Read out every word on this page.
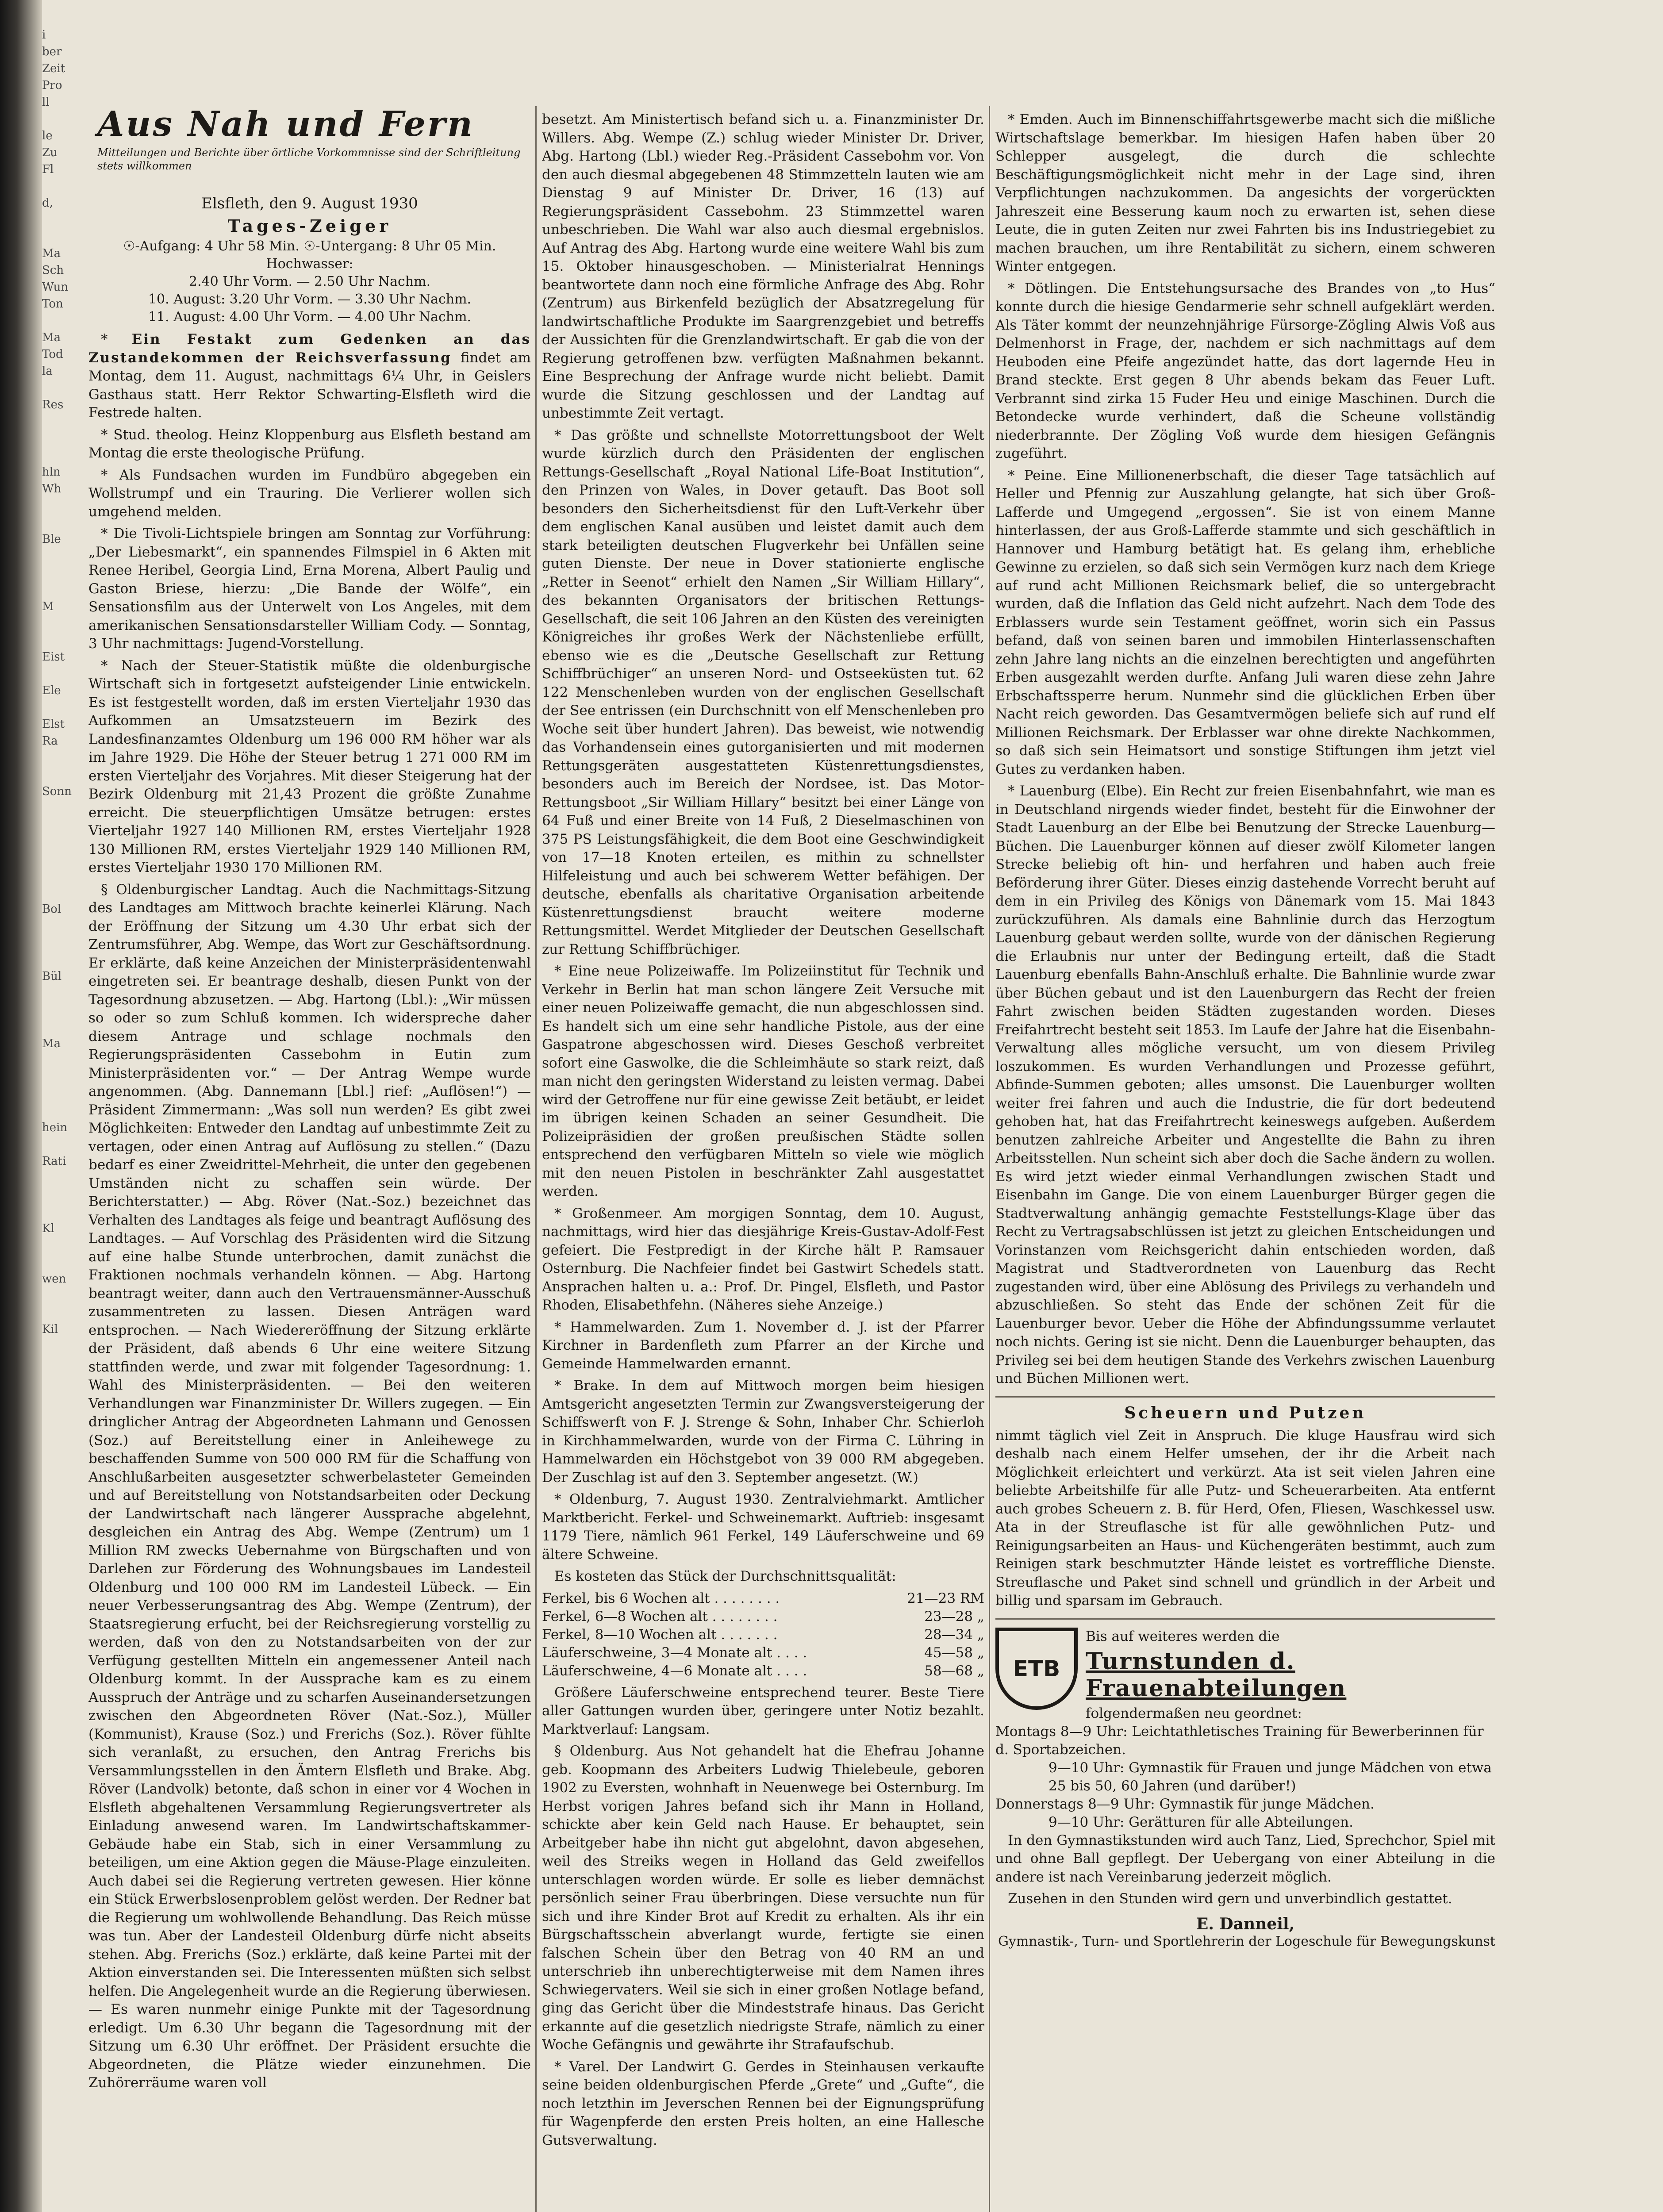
i
ber
Zeit
Pro
ll

le
Zu
Fl

d,

Ma
Sch
Wun
Ton

Ma
Tod
la

Res

hln
Wh

Ble

M

Eist

Ele

Elst
Ra

Sonn

Bol

Bül

Ma

hein

Rati

Kl

wen

Kil
Aus Nah und Fern
Mitteilungen und Berichte über örtliche Vorkommnisse sind der Schriftleitung stets willkommen
Elsfleth, den 9. August 1930
Tages-Zeiger
☉-Aufgang: 4 Uhr 58 Min. ☉-Untergang: 8 Uhr 05 Min.
Hochwasser:
2.40 Uhr Vorm. — 2.50 Uhr Nachm.
10. August: 3.20 Uhr Vorm. — 3.30 Uhr Nachm.
11. August: 4.00 Uhr Vorm. — 4.00 Uhr Nachm.

* Ein Festakt zum Gedenken an das Zustandekommen der Reichsverfassung findet am Montag, dem 11. August, nachmittags 6¼ Uhr, in Geislers Gasthaus statt. Herr Rektor Schwarting-Elsfleth wird die Festrede halten.

* Stud. theolog. Heinz Kloppenburg aus Elsfleth bestand am Montag die erste theologische Prüfung.

* Als Fundsachen wurden im Fundbüro abgegeben ein Wollstrumpf und ein Trauring. Die Verlierer wollen sich umgehend melden.

* Die Tivoli-Lichtspiele bringen am Sonntag zur Vorführung: „Der Liebesmarkt“, ein spannendes Filmspiel in 6 Akten mit Renee Heribel, Georgia Lind, Erna Morena, Albert Paulig und Gaston Briese, hierzu: „Die Bande der Wölfe“, ein Sensationsfilm aus der Unterwelt von Los Angeles, mit dem amerikanischen Sensationsdarsteller William Cody. — Sonntag, 3 Uhr nachmittags: Jugend-Vorstellung.

* Nach der Steuer-Statistik müßte die oldenburgische Wirtschaft sich in fortgesetzt aufsteigender Linie entwickeln. Es ist festgestellt worden, daß im ersten Vierteljahr 1930 das Aufkommen an Umsatzsteuern im Bezirk des Landesfinanzamtes Oldenburg um 196 000 RM höher war als im Jahre 1929. Die Höhe der Steuer betrug 1 271 000 RM im ersten Vierteljahr des Vorjahres. Mit dieser Steigerung hat der Bezirk Oldenburg mit 21,43 Prozent die größte Zunahme erreicht. Die steuerpflichtigen Umsätze betrugen: erstes Vierteljahr 1927 140 Millionen RM, erstes Vierteljahr 1928 130 Millionen RM, erstes Vierteljahr 1929 140 Millionen RM, erstes Vierteljahr 1930 170 Millionen RM.

§ Oldenburgischer Landtag. Auch die Nachmittags-Sitzung des Landtages am Mittwoch brachte keinerlei Klärung. Nach der Eröffnung der Sitzung um 4.30 Uhr erbat sich der Zentrumsführer, Abg. Wempe, das Wort zur Geschäftsordnung. Er erklärte, daß keine Anzeichen der Ministerpräsidentenwahl eingetreten sei. Er beantrage deshalb, diesen Punkt von der Tagesordnung abzusetzen. — Abg. Hartong (Lbl.): „Wir müssen so oder so zum Schluß kommen. Ich widerspreche daher diesem Antrage und schlage nochmals den Regierungspräsidenten Cassebohm in Eutin zum Ministerpräsidenten vor.“ — Der Antrag Wempe wurde angenommen. (Abg. Dannemann [Lbl.] rief: „Auflösen!“) — Präsident Zimmermann: „Was soll nun werden? Es gibt zwei Möglichkeiten: Entweder den Landtag auf unbestimmte Zeit zu vertagen, oder einen Antrag auf Auflösung zu stellen.“ (Dazu bedarf es einer Zweidrittel-Mehrheit, die unter den gegebenen Umständen nicht zu schaffen sein würde. Der Berichterstatter.) — Abg. Röver (Nat.-Soz.) bezeichnet das Verhalten des Landtages als feige und beantragt Auflösung des Landtages. — Auf Vorschlag des Präsidenten wird die Sitzung auf eine halbe Stunde unterbrochen, damit zunächst die Fraktionen nochmals verhandeln können. — Abg. Hartong beantragt weiter, dann auch den Vertrauensmänner-Ausschuß zusammentreten zu lassen. Diesen Anträgen ward entsprochen. — Nach Wiedereröffnung der Sitzung erklärte der Präsident, daß abends 6 Uhr eine weitere Sitzung stattfinden werde, und zwar mit folgender Tagesordnung: 1. Wahl des Ministerpräsidenten. — Bei den weiteren Verhandlungen war Finanzminister Dr. Willers zugegen. — Ein dringlicher Antrag der Abgeordneten Lahmann und Genossen (Soz.) auf Bereitstellung einer in Anleihewege zu beschaffenden Summe von 500 000 RM für die Schaffung von Anschlußarbeiten ausgesetzter schwerbelasteter Gemeinden und auf Bereitstellung von Notstandsarbeiten oder Deckung der Landwirtschaft nach längerer Aussprache abgelehnt, desgleichen ein Antrag des Abg. Wempe (Zentrum) um 1 Million RM zwecks Uebernahme von Bürgschaften und von Darlehen zur Förderung des Wohnungsbaues im Landesteil Oldenburg und 100 000 RM im Landesteil Lübeck. — Ein neuer Verbesserungsantrag des Abg. Wempe (Zentrum), der Staatsregierung erfucht, bei der Reichsregierung vorstellig zu werden, daß von den zu Notstandsarbeiten von der zur Verfügung gestellten Mitteln ein angemessener Anteil nach Oldenburg kommt. In der Aussprache kam es zu einem Ausspruch der Anträge und zu scharfen Auseinandersetzungen zwischen den Abgeordneten Röver (Nat.-Soz.), Müller (Kommunist), Krause (Soz.) und Frerichs (Soz.). Röver fühlte sich veranlaßt, zu ersuchen, den Antrag Frerichs bis Versammlungsstellen in den Ämtern Elsfleth und Brake. Abg. Röver (Landvolk) betonte, daß schon in einer vor 4 Wochen in Elsfleth abgehaltenen Versammlung Regierungsvertreter als Einladung anwesend waren. Im Landwirtschaftskammer-Gebäude habe ein Stab, sich in einer Versammlung zu beteiligen, um eine Aktion gegen die Mäuse-Plage einzuleiten. Auch dabei sei die Regierung vertreten gewesen. Hier könne ein Stück Erwerbslosenproblem gelöst werden. Der Redner bat die Regierung um wohlwollende Behandlung. Das Reich müsse was tun. Aber der Landesteil Oldenburg dürfe nicht abseits stehen. Abg. Frerichs (Soz.) erklärte, daß keine Partei mit der Aktion einverstanden sei. Die Interessenten müßten sich selbst helfen. Die Angelegenheit wurde an die Regierung überwiesen. — Es waren nunmehr einige Punkte mit der Tagesordnung erledigt. Um 6.30 Uhr begann die Tagesordnung mit der Sitzung um 6.30 Uhr eröffnet. Der Präsident ersuchte die Abgeordneten, die Plätze wieder einzunehmen. Die Zuhörerräume waren voll

besetzt. Am Ministertisch befand sich u. a. Finanzminister Dr. Willers. Abg. Wempe (Z.) schlug wieder Minister Dr. Driver, Abg. Hartong (Lbl.) wieder Reg.-Präsident Cassebohm vor. Von den auch diesmal abgegebenen 48 Stimmzetteln lauten wie am Dienstag 9 auf Minister Dr. Driver, 16 (13) auf Regierungspräsident Cassebohm. 23 Stimmzettel waren unbeschrieben. Die Wahl war also auch diesmal ergebnislos. Auf Antrag des Abg. Hartong wurde eine weitere Wahl bis zum 15. Oktober hinausgeschoben. — Ministerialrat Hennings beantwortete dann noch eine förmliche Anfrage des Abg. Rohr (Zentrum) aus Birkenfeld bezüglich der Absatzregelung für landwirtschaftliche Produkte im Saargrenzgebiet und betreffs der Aussichten für die Grenzlandwirtschaft. Er gab die von der Regierung getroffenen bzw. verfügten Maßnahmen bekannt. Eine Besprechung der Anfrage wurde nicht beliebt. Damit wurde die Sitzung geschlossen und der Landtag auf unbestimmte Zeit vertagt.

* Das größte und schnellste Motorrettungsboot der Welt wurde kürzlich durch den Präsidenten der englischen Rettungs-Gesellschaft „Royal National Life-Boat Institution“, den Prinzen von Wales, in Dover getauft. Das Boot soll besonders den Sicherheitsdienst für den Luft-Verkehr über dem englischen Kanal ausüben und leistet damit auch dem stark beteiligten deutschen Flugverkehr bei Unfällen seine guten Dienste. Der neue in Dover stationierte englische „Retter in Seenot“ erhielt den Namen „Sir William Hillary“, des bekannten Organisators der britischen Rettungs-Gesellschaft, die seit 106 Jahren an den Küsten des vereinigten Königreiches ihr großes Werk der Nächstenliebe erfüllt, ebenso wie es die „Deutsche Gesellschaft zur Rettung Schiffbrüchiger“ an unseren Nord- und Ostseeküsten tut. 62 122 Menschenleben wurden von der englischen Gesellschaft der See entrissen (ein Durchschnitt von elf Menschenleben pro Woche seit über hundert Jahren). Das beweist, wie notwendig das Vorhandensein eines gutorganisierten und mit modernen Rettungsgeräten ausgestatteten Küstenrettungsdienstes, besonders auch im Bereich der Nordsee, ist. Das Motor-Rettungsboot „Sir William Hillary“ besitzt bei einer Länge von 64 Fuß und einer Breite von 14 Fuß, 2 Dieselmaschinen von 375 PS Leistungsfähigkeit, die dem Boot eine Geschwindigkeit von 17—18 Knoten erteilen, es mithin zu schnellster Hilfeleistung und auch bei schwerem Wetter befähigen. Der deutsche, ebenfalls als charitative Organisation arbeitende Küstenrettungsdienst braucht weitere moderne Rettungsmittel. Werdet Mitglieder der Deutschen Gesellschaft zur Rettung Schiffbrüchiger.

* Eine neue Polizeiwaffe. Im Polizeiinstitut für Technik und Verkehr in Berlin hat man schon längere Zeit Versuche mit einer neuen Polizeiwaffe gemacht, die nun abgeschlossen sind. Es handelt sich um eine sehr handliche Pistole, aus der eine Gaspatrone abgeschossen wird. Dieses Geschoß verbreitet sofort eine Gaswolke, die die Schleimhäute so stark reizt, daß man nicht den geringsten Widerstand zu leisten vermag. Dabei wird der Getroffene nur für eine gewisse Zeit betäubt, er leidet im übrigen keinen Schaden an seiner Gesundheit. Die Polizeipräsidien der großen preußischen Städte sollen entsprechend den verfügbaren Mitteln so viele wie möglich mit den neuen Pistolen in beschränkter Zahl ausgestattet werden.

* Großenmeer. Am morgigen Sonntag, dem 10. August, nachmittags, wird hier das diesjährige Kreis-Gustav-Adolf-Fest gefeiert. Die Festpredigt in der Kirche hält P. Ramsauer Osternburg. Die Nachfeier findet bei Gastwirt Schedels statt. Ansprachen halten u. a.: Prof. Dr. Pingel, Elsfleth, und Pastor Rhoden, Elisabethfehn. (Näheres siehe Anzeige.)

* Hammelwarden. Zum 1. November d. J. ist der Pfarrer Kirchner in Bardenfleth zum Pfarrer an der Kirche und Gemeinde Hammelwarden ernannt.

* Brake. In dem auf Mittwoch morgen beim hiesigen Amtsgericht angesetzten Termin zur Zwangsversteigerung der Schiffswerft von F. J. Strenge & Sohn, Inhaber Chr. Schierloh in Kirchhammelwarden, wurde von der Firma C. Lühring in Hammelwarden ein Höchstgebot von 39 000 RM abgegeben. Der Zuschlag ist auf den 3. September angesetzt. (W.)

* Oldenburg, 7. August 1930. Zentralviehmarkt. Amtlicher Marktbericht. Ferkel- und Schweinemarkt. Auftrieb: insgesamt 1179 Tiere, nämlich 961 Ferkel, 149 Läuferschweine und 69 ältere Schweine.

Es kosteten das Stück der Durchschnittsqualität:

Ferkel, bis 6 Wochen alt . . . . . . . .	21—23 RM
Ferkel, 6—8 Wochen alt . . . . . . . .	23—28 „
Ferkel, 8—10 Wochen alt . . . . . . .	28—34 „
Läuferschweine, 3—4 Monate alt . . . .	45—58 „
Läuferschweine, 4—6 Monate alt . . . .	58—68 „

Größere Läuferschweine entsprechend teurer. Beste Tiere aller Gattungen wurden über, geringere unter Notiz bezahlt. Marktverlauf: Langsam.

§ Oldenburg. Aus Not gehandelt hat die Ehefrau Johanne geb. Koopmann des Arbeiters Ludwig Thielebeule, geboren 1902 zu Eversten, wohnhaft in Neuenwege bei Osternburg. Im Herbst vorigen Jahres befand sich ihr Mann in Holland, schickte aber kein Geld nach Hause. Er behauptet, sein Arbeitgeber habe ihn nicht gut abgelohnt, davon abgesehen, weil des Streiks wegen in Holland das Geld zweifellos unterschlagen worden würde. Er solle es lieber demnächst persönlich seiner Frau überbringen. Diese versuchte nun für sich und ihre Kinder Brot auf Kredit zu erhalten. Als ihr ein Bürgschaftsschein abverlangt wurde, fertigte sie einen falschen Schein über den Betrag von 40 RM an und unterschrieb ihn unberechtigterweise mit dem Namen ihres Schwiegervaters. Weil sie sich in einer großen Notlage befand, ging das Gericht über die Mindeststrafe hinaus. Das Gericht erkannte auf die gesetzlich niedrigste Strafe, nämlich zu einer Woche Gefängnis und gewährte ihr Strafaufschub.

* Varel. Der Landwirt G. Gerdes in Steinhausen verkaufte seine beiden oldenburgischen Pferde „Grete“ und „Gufte“, die noch letzthin im Jeverschen Rennen bei der Eignungsprüfung für Wagenpferde den ersten Preis holten, an eine Hallesche Gutsverwaltung.

* Emden. Auch im Binnenschiffahrtsgewerbe macht sich die mißliche Wirtschaftslage bemerkbar. Im hiesigen Hafen haben über 20 Schlepper ausgelegt, die durch die schlechte Beschäftigungsmöglichkeit nicht mehr in der Lage sind, ihren Verpflichtungen nachzukommen. Da angesichts der vorgerückten Jahreszeit eine Besserung kaum noch zu erwarten ist, sehen diese Leute, die in guten Zeiten nur zwei Fahrten bis ins Industriegebiet zu machen brauchen, um ihre Rentabilität zu sichern, einem schweren Winter entgegen.

* Dötlingen. Die Entstehungsursache des Brandes von „to Hus“ konnte durch die hiesige Gendarmerie sehr schnell aufgeklärt werden. Als Täter kommt der neunzehnjährige Fürsorge-Zögling Alwis Voß aus Delmenhorst in Frage, der, nachdem er sich nachmittags auf dem Heuboden eine Pfeife angezündet hatte, das dort lagernde Heu in Brand steckte. Erst gegen 8 Uhr abends bekam das Feuer Luft. Verbrannt sind zirka 15 Fuder Heu und einige Maschinen. Durch die Betondecke wurde verhindert, daß die Scheune vollständig niederbrannte. Der Zögling Voß wurde dem hiesigen Gefängnis zugeführt.

* Peine. Eine Millionenerbschaft, die dieser Tage tatsächlich auf Heller und Pfennig zur Auszahlung gelangte, hat sich über Groß-Lafferde und Umgegend „ergossen“. Sie ist von einem Manne hinterlassen, der aus Groß-Lafferde stammte und sich geschäftlich in Hannover und Hamburg betätigt hat. Es gelang ihm, erhebliche Gewinne zu erzielen, so daß sich sein Vermögen kurz nach dem Kriege auf rund acht Millionen Reichsmark belief, die so untergebracht wurden, daß die Inflation das Geld nicht aufzehrt. Nach dem Tode des Erblassers wurde sein Testament geöffnet, worin sich ein Passus befand, daß von seinen baren und immobilen Hinterlassenschaften zehn Jahre lang nichts an die einzelnen berechtigten und angeführten Erben ausgezahlt werden durfte. Anfang Juli waren diese zehn Jahre Erbschaftssperre herum. Nunmehr sind die glücklichen Erben über Nacht reich geworden. Das Gesamtvermögen beliefe sich auf rund elf Millionen Reichsmark. Der Erblasser war ohne direkte Nachkommen, so daß sich sein Heimatsort und sonstige Stiftungen ihm jetzt viel Gutes zu verdanken haben.

* Lauenburg (Elbe). Ein Recht zur freien Eisenbahnfahrt, wie man es in Deutschland nirgends wieder findet, besteht für die Einwohner der Stadt Lauenburg an der Elbe bei Benutzung der Strecke Lauenburg—Büchen. Die Lauenburger können auf dieser zwölf Kilometer langen Strecke beliebig oft hin- und herfahren und haben auch freie Beförderung ihrer Güter. Dieses einzig dastehende Vorrecht beruht auf dem in ein Privileg des Königs von Dänemark vom 15. Mai 1843 zurückzuführen. Als damals eine Bahnlinie durch das Herzogtum Lauenburg gebaut werden sollte, wurde von der dänischen Regierung die Erlaubnis nur unter der Bedingung erteilt, daß die Stadt Lauenburg ebenfalls Bahn-Anschluß erhalte. Die Bahnlinie wurde zwar über Büchen gebaut und ist den Lauenburgern das Recht der freien Fahrt zwischen beiden Städten zugestanden worden. Dieses Freifahrtrecht besteht seit 1853. Im Laufe der Jahre hat die Eisenbahn-Verwaltung alles mögliche versucht, um von diesem Privileg loszukommen. Es wurden Verhandlungen und Prozesse geführt, Abfinde-Summen geboten; alles umsonst. Die Lauenburger wollten weiter frei fahren und auch die Industrie, die für dort bedeutend gehoben hat, hat das Freifahrtrecht keineswegs aufgeben. Außerdem benutzen zahlreiche Arbeiter und Angestellte die Bahn zu ihren Arbeitsstellen. Nun scheint sich aber doch die Sache ändern zu wollen. Es wird jetzt wieder einmal Verhandlungen zwischen Stadt und Eisenbahn im Gange. Die von einem Lauenburger Bürger gegen die Stadtverwaltung anhängig gemachte Feststellungs-Klage über das Recht zu Vertragsabschlüssen ist jetzt zu gleichen Entscheidungen und Vorinstanzen vom Reichsgericht dahin entschieden worden, daß Magistrat und Stadtverordneten von Lauenburg das Recht zugestanden wird, über eine Ablösung des Privilegs zu verhandeln und abzuschließen. So steht das Ende der schönen Zeit für die Lauenburger bevor. Ueber die Höhe der Abfindungssumme verlautet noch nichts. Gering ist sie nicht. Denn die Lauenburger behaupten, das Privileg sei bei dem heutigen Stande des Verkehrs zwischen Lauenburg und Büchen Millionen wert.

Scheuern und Putzen

nimmt täglich viel Zeit in Anspruch. Die kluge Hausfrau wird sich deshalb nach einem Helfer umsehen, der ihr die Arbeit nach Möglichkeit erleichtert und verkürzt. Ata ist seit vielen Jahren eine beliebte Arbeitshilfe für alle Putz- und Scheuerarbeiten. Ata entfernt auch grobes Scheuern z. B. für Herd, Ofen, Fliesen, Waschkessel usw. Ata in der Streuflasche ist für alle gewöhnlichen Putz- und Reinigungsarbeiten an Haus- und Küchengeräten bestimmt, auch zum Reinigen stark beschmutzter Hände leistet es vortreffliche Dienste. Streuflasche und Paket sind schnell und gründlich in der Arbeit und billig und sparsam im Gebrauch.

ETB
Bis auf weiteres werden die
Turnstunden d. Frauenabteilungen
folgendermaßen neu geordnet:
Montags 8—9 Uhr: Leichtathletisches Training für Bewerberinnen für d. Sportabzeichen.
9—10 Uhr: Gymnastik für Frauen und junge Mädchen von etwa 25 bis 50, 60 Jahren (und darüber!)
Donnerstags 8—9 Uhr: Gymnastik für junge Mädchen.
9—10 Uhr: Gerätturen für alle Abteilungen.

In den Gymnastikstunden wird auch Tanz, Lied, Sprechchor, Spiel mit und ohne Ball gepflegt. Der Uebergang von einer Abteilung in die andere ist nach Vereinbarung jederzeit möglich.

Zusehen in den Stunden wird gern und unverbindlich gestattet.

E. Danneil,
Gymnastik-, Turn- und Sportlehrerin der Logeschule für Bewegungskunst
